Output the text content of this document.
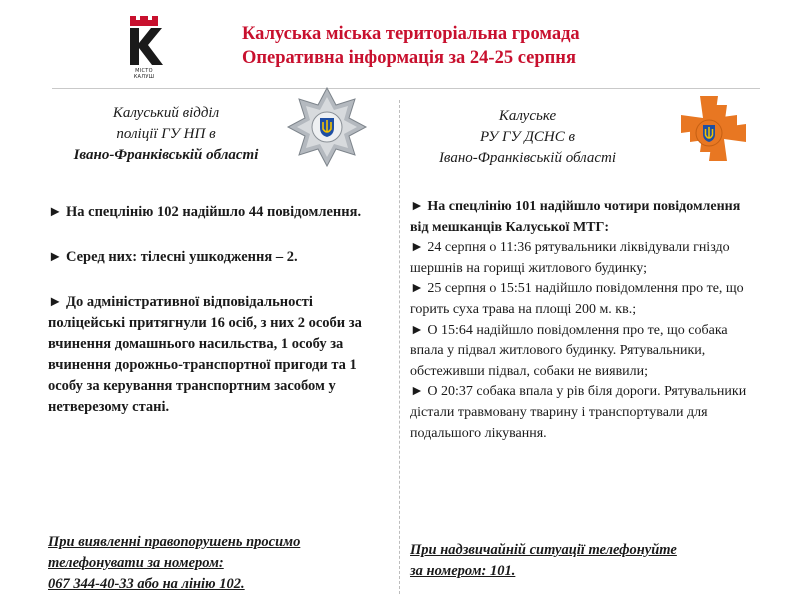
МІСТО
КАЛУШ
Калуська міська територіальна громада
Оперативна інформація за 24-25 серпня
Калуський відділ
поліції ГУ НП в
Івано-Франківській області
Калуське
РУ ГУ ДСНС в
Івано-Франківській області

► На спецлінію 102 надійшло 44 повідомлення.

► Серед них: тілесні ушкодження – 2.

► До адміністративної відповідальності поліцейські притягнули 16 осіб, з них 2 особи за вчинення домашнього насильства, 1 особу за вчинення дорожньо-транспортної пригоди та 1 особу за керування транспортним засобом у нетверезому стані.

При виявленні правопорушень просимо
телефонувати за номером:
067 344-40-33 або на лінію 102.

► На спецлінію 101 надійшло чотири повідомлення від мешканців Калуської МТГ:

► 24 серпня о 11:36 рятувальники ліквідували гніздо шершнів на горищі житлового будинку;

► 25 серпня о 15:51 надійшло повідомлення про те, що горить суха трава на площі 200 м. кв.;

► О 15:64 надійшло повідомлення про те, що собака впала у підвал житлового будинку. Рятувальники, обстеживши підвал, собаки не виявили;

► О 20:37 собака впала у рів біля дороги. Рятувальники дістали травмовану тварину і транспортували для подальшого лікування.

При надзвичайній ситуації телефонуйте
за номером: 101.
